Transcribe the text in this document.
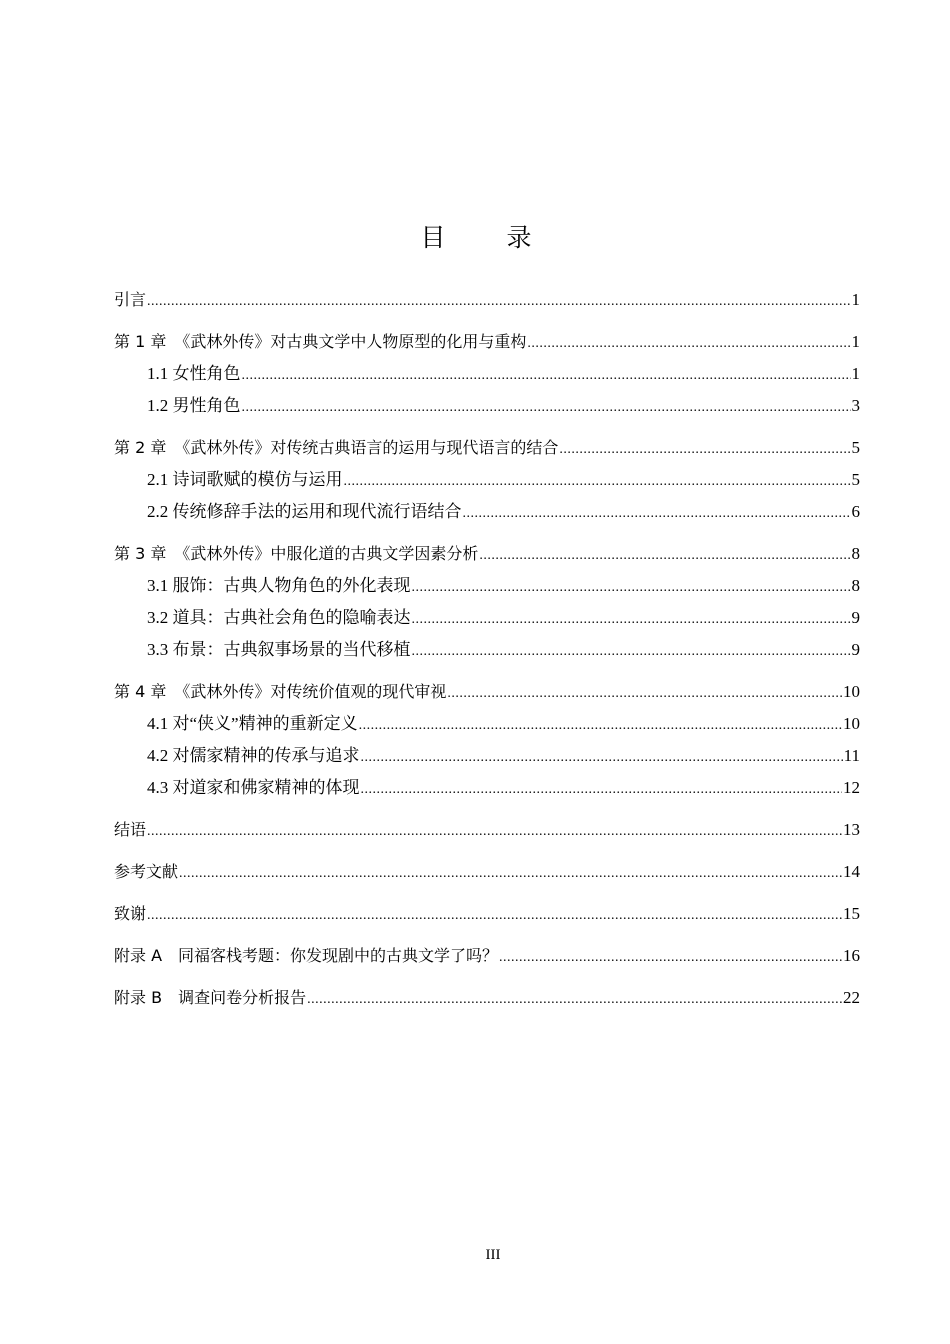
目　录
引言 .....	1
第 1 章　《武林外传》对古典文学中人物原型的化用与重构 .....	1
1.1 女性角色 .....	1
1.2 男性角色 .....	3
第 2 章　《武林外传》对传统古典语言的运用与现代语言的结合 .....	5
2.1 诗词歌赋的模仿与运用 .....	5
2.2 传统修辞手法的运用和现代流行语结合 .....	6
第 3 章　《武林外传》中服化道的古典文学因素分析 .....	8
3.1 服饰：古典人物角色的外化表现 .....	8
3.2 道具：古典社会角色的隐喻表达 .....	9
3.3 布景：古典叙事场景的当代移植 .....	9
第 4 章　《武林外传》对传统价值观的现代审视 .....	10
4.1 对“侠义”精神的重新定义 .....	10
4.2 对儒家精神的传承与追求 .....	11
4.3 对道家和佛家精神的体现 .....	12
结语 .....	13
参考文献 .....	14
致谢 .....	15
附录 A　同福客栈考题：你发现剧中的古典文学了吗？ .....	16
附录 B　调查问卷分析报告 .....	22
III
